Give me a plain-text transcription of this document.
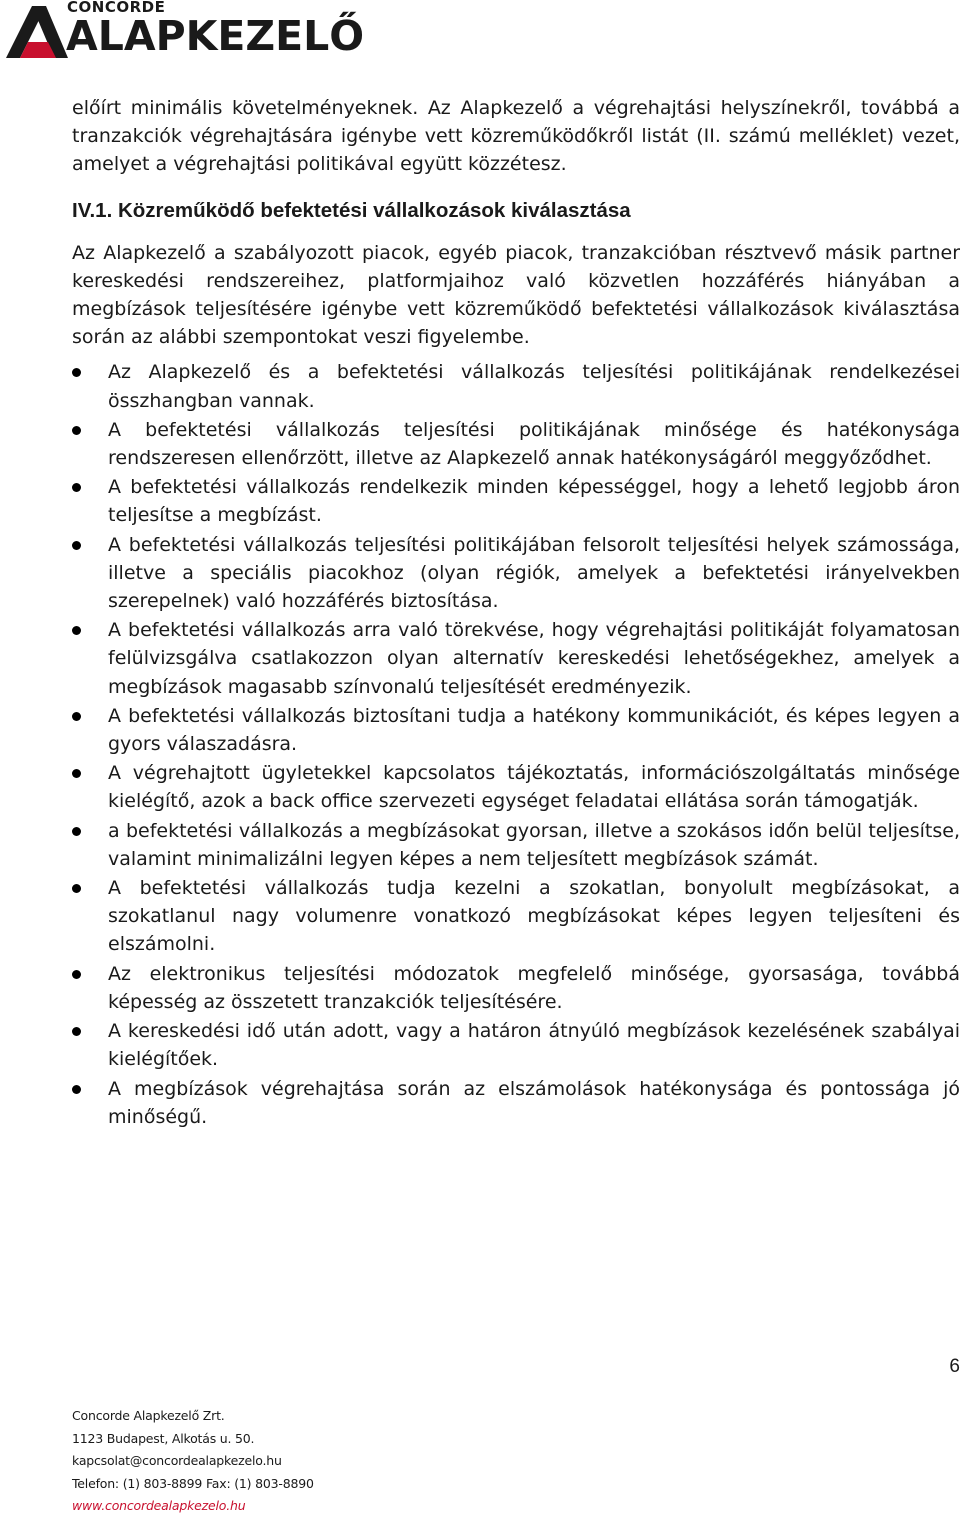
CONCORDE
ALAPKEZELŐ

előírt minimális követelményeknek. Az Alapkezelő a végrehajtási helyszínekről, továbbá a tranzakciók végrehajtására igénybe vett közreműködőkről listát (II. számú melléklet) vezet, amelyet a végrehajtási politikával együtt közzétesz.

IV.1. Közreműködő befektetési vállalkozások kiválasztása

Az Alapkezelő a szabályozott piacok, egyéb piacok, tranzakcióban résztvevő másik partner kereskedési rendszereihez, platformjaihoz való közvetlen hozzáférés hiányában a megbízások teljesítésére igénybe vett közreműködő befektetési vállalkozások kiválasztása során az alábbi szempontokat veszi figyelembe.

Az Alapkezelő és a befektetési vállalkozás teljesítési politikájának rendelkezései összhangban vannak.
A befektetési vállalkozás teljesítési politikájának minősége és hatékonysága rendszeresen ellenőrzött, illetve az Alapkezelő annak hatékonyságáról meggyőződhet.
A befektetési vállalkozás rendelkezik minden képességgel, hogy a lehető legjobb áron teljesítse a megbízást.
A befektetési vállalkozás teljesítési politikájában felsorolt teljesítési helyek számossága, illetve a speciális piacokhoz (olyan régiók, amelyek a befektetési irányelvekben szerepelnek) való hozzáférés biztosítása.
A befektetési vállalkozás arra való törekvése, hogy végrehajtási politikáját folyamatosan felülvizsgálva csatlakozzon olyan alternatív kereskedési lehetőségekhez, amelyek a megbízások magasabb színvonalú teljesítését eredményezik.
A befektetési vállalkozás biztosítani tudja a hatékony kommunikációt, és képes legyen a gyors válaszadásra.
A végrehajtott ügyletekkel kapcsolatos tájékoztatás, információszolgáltatás minősége kielégítő, azok a back office szervezeti egységet feladatai ellátása során támogatják.
a befektetési vállalkozás a megbízásokat gyorsan, illetve a szokásos időn belül teljesítse, valamint minimalizálni legyen képes a nem teljesített megbízások számát.
A befektetési vállalkozás tudja kezelni a szokatlan, bonyolult megbízásokat, a szokatlanul nagy volumenre vonatkozó megbízásokat képes legyen teljesíteni és elszámolni.
Az elektronikus teljesítési módozatok megfelelő minősége, gyorsasága, továbbá képesség az összetett tranzakciók teljesítésére.
A kereskedési idő után adott, vagy a határon átnyúló megbízások kezelésének szabályai kielégítőek.
A megbízások végrehajtása során az elszámolások hatékonysága és pontossága jó minőségű.
6
Concorde Alapkezelő Zrt.
1123 Budapest, Alkotás u. 50.
kapcsolat@concordealapkezelo.hu
Telefon: (1) 803-8899 Fax: (1) 803-8890
www.concordealapkezelo.hu
